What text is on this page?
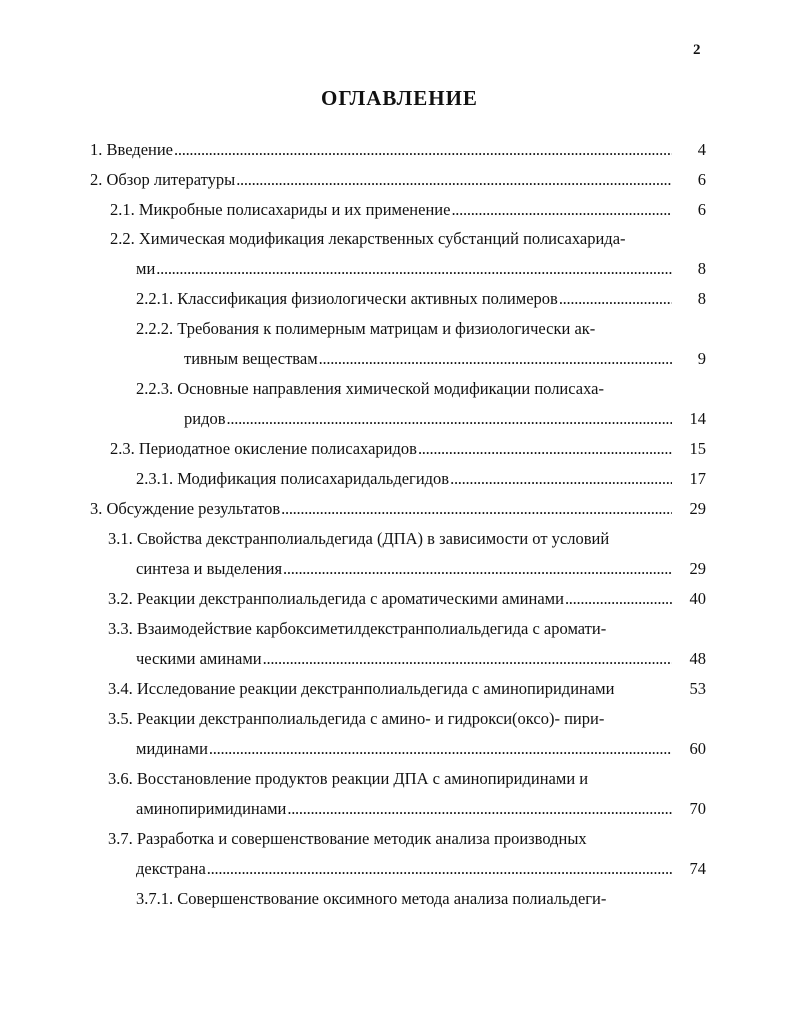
2
ОГЛАВЛЕНИЕ
1. Введение . . .	4
2. Обзор литературы . . .	6
2.1. Микробные полисахариды и их применение . . .	6
2.2. Химическая модификация лекарственных субстанций полисахарида-
ми . . .	8
2.2.1. Классификация физиологически активных полимеров . . .	8
2.2.2. Требования к полимерным матрицам и физиологически ак-
тивным веществам . . .	9
2.2.3. Основные направления химической модификации полисаха-
ридов . . .	14
2.3. Периодатное окисление полисахаридов . . .	15
2.3.1. Модификация полисахаридальдегидов . . .	17
3. Обсуждение результатов . . .	29
3.1. Свойства декстранполиальдегида (ДПА) в зависимости от условий
синтеза и выделения . . .	29
3.2. Реакции декстранполиальдегида с ароматическими аминами . . .	40
3.3. Взаимодействие карбоксиметилдекстранполиальдегида с аромати-
ческими аминами . . .	48
3.4. Исследование реакции декстранполиальдегида с аминопиридинами	53
3.5. Реакции декстранполиальдегида с амино- и гидрокси(оксо)- пири-
мидинами . . .	60
3.6. Восстановление продуктов реакции ДПА с аминопиридинами и
аминопиримидинами . . .	70
3.7. Разработка и совершенствование методик анализа производных
декстрана . . .	74
3.7.1. Совершенствование оксимного метода анализа полиальдеги-
